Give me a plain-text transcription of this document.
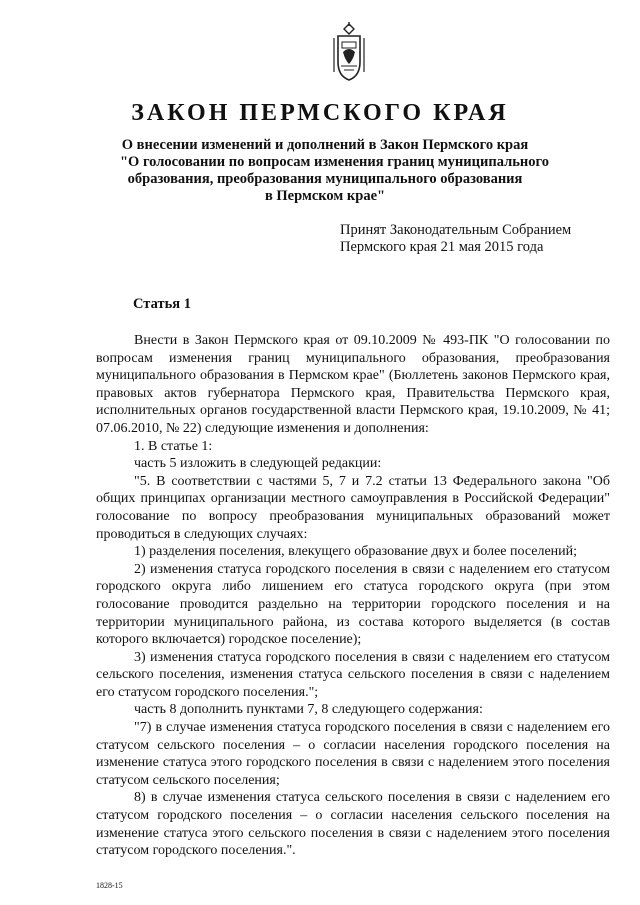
ЗАКОН ПЕРМСКОГО КРАЯ
О внесении изменений и дополнений в Закон Пермского края
"О голосовании по вопросам изменения границ муниципального
образования, преобразования муниципального образования
в Пермском крае"
Принят Законодательным Собранием
Пермского края 21 мая 2015 года
Статья 1

Внести в Закон Пермского края от 09.10.2009 № 493-ПК "О голосовании по вопросам изменения границ муниципального образования, преобразования муниципального образования в Пермском крае" (Бюллетень законов Пермского края, правовых актов губернатора Пермского края, Правительства Пермского края, исполнительных органов государственной власти Пермского края, 19.10.2009, № 41; 07.06.2010, № 22) следующие изменения и дополнения:

1. В статье 1:

часть 5 изложить в следующей редакции:

"5. В соответствии с частями 5, 7 и 7.2 статьи 13 Федерального закона "Об общих принципах организации местного самоуправления в Российской Федерации" голосование по вопросу преобразования муниципальных образований может проводиться в следующих случаях:

1) разделения поселения, влекущего образование двух и более поселений;

2) изменения статуса городского поселения в связи с наделением его статусом городского округа либо лишением его статуса городского округа (при этом голосование проводится раздельно на территории городского поселения и на территории муниципального района, из состава которого выделяется (в состав которого включается) городское поселение);

3) изменения статуса городского поселения в связи с наделением его статусом сельского поселения, изменения статуса сельского поселения в связи с наделением его статусом городского поселения.";

часть 8 дополнить пунктами 7, 8 следующего содержания:

"7) в случае изменения статуса городского поселения в связи с наделением его статусом сельского поселения – о согласии населения городского поселения на изменение статуса этого городского поселения в связи с наделением этого поселения статусом сельского поселения;

8) в случае изменения статуса сельского поселения в связи с наделением его статусом городского поселения – о согласии населения сельского поселения на изменение статуса этого сельского поселения в связи с наделением этого поселения статусом городского поселения.".

1828-15
